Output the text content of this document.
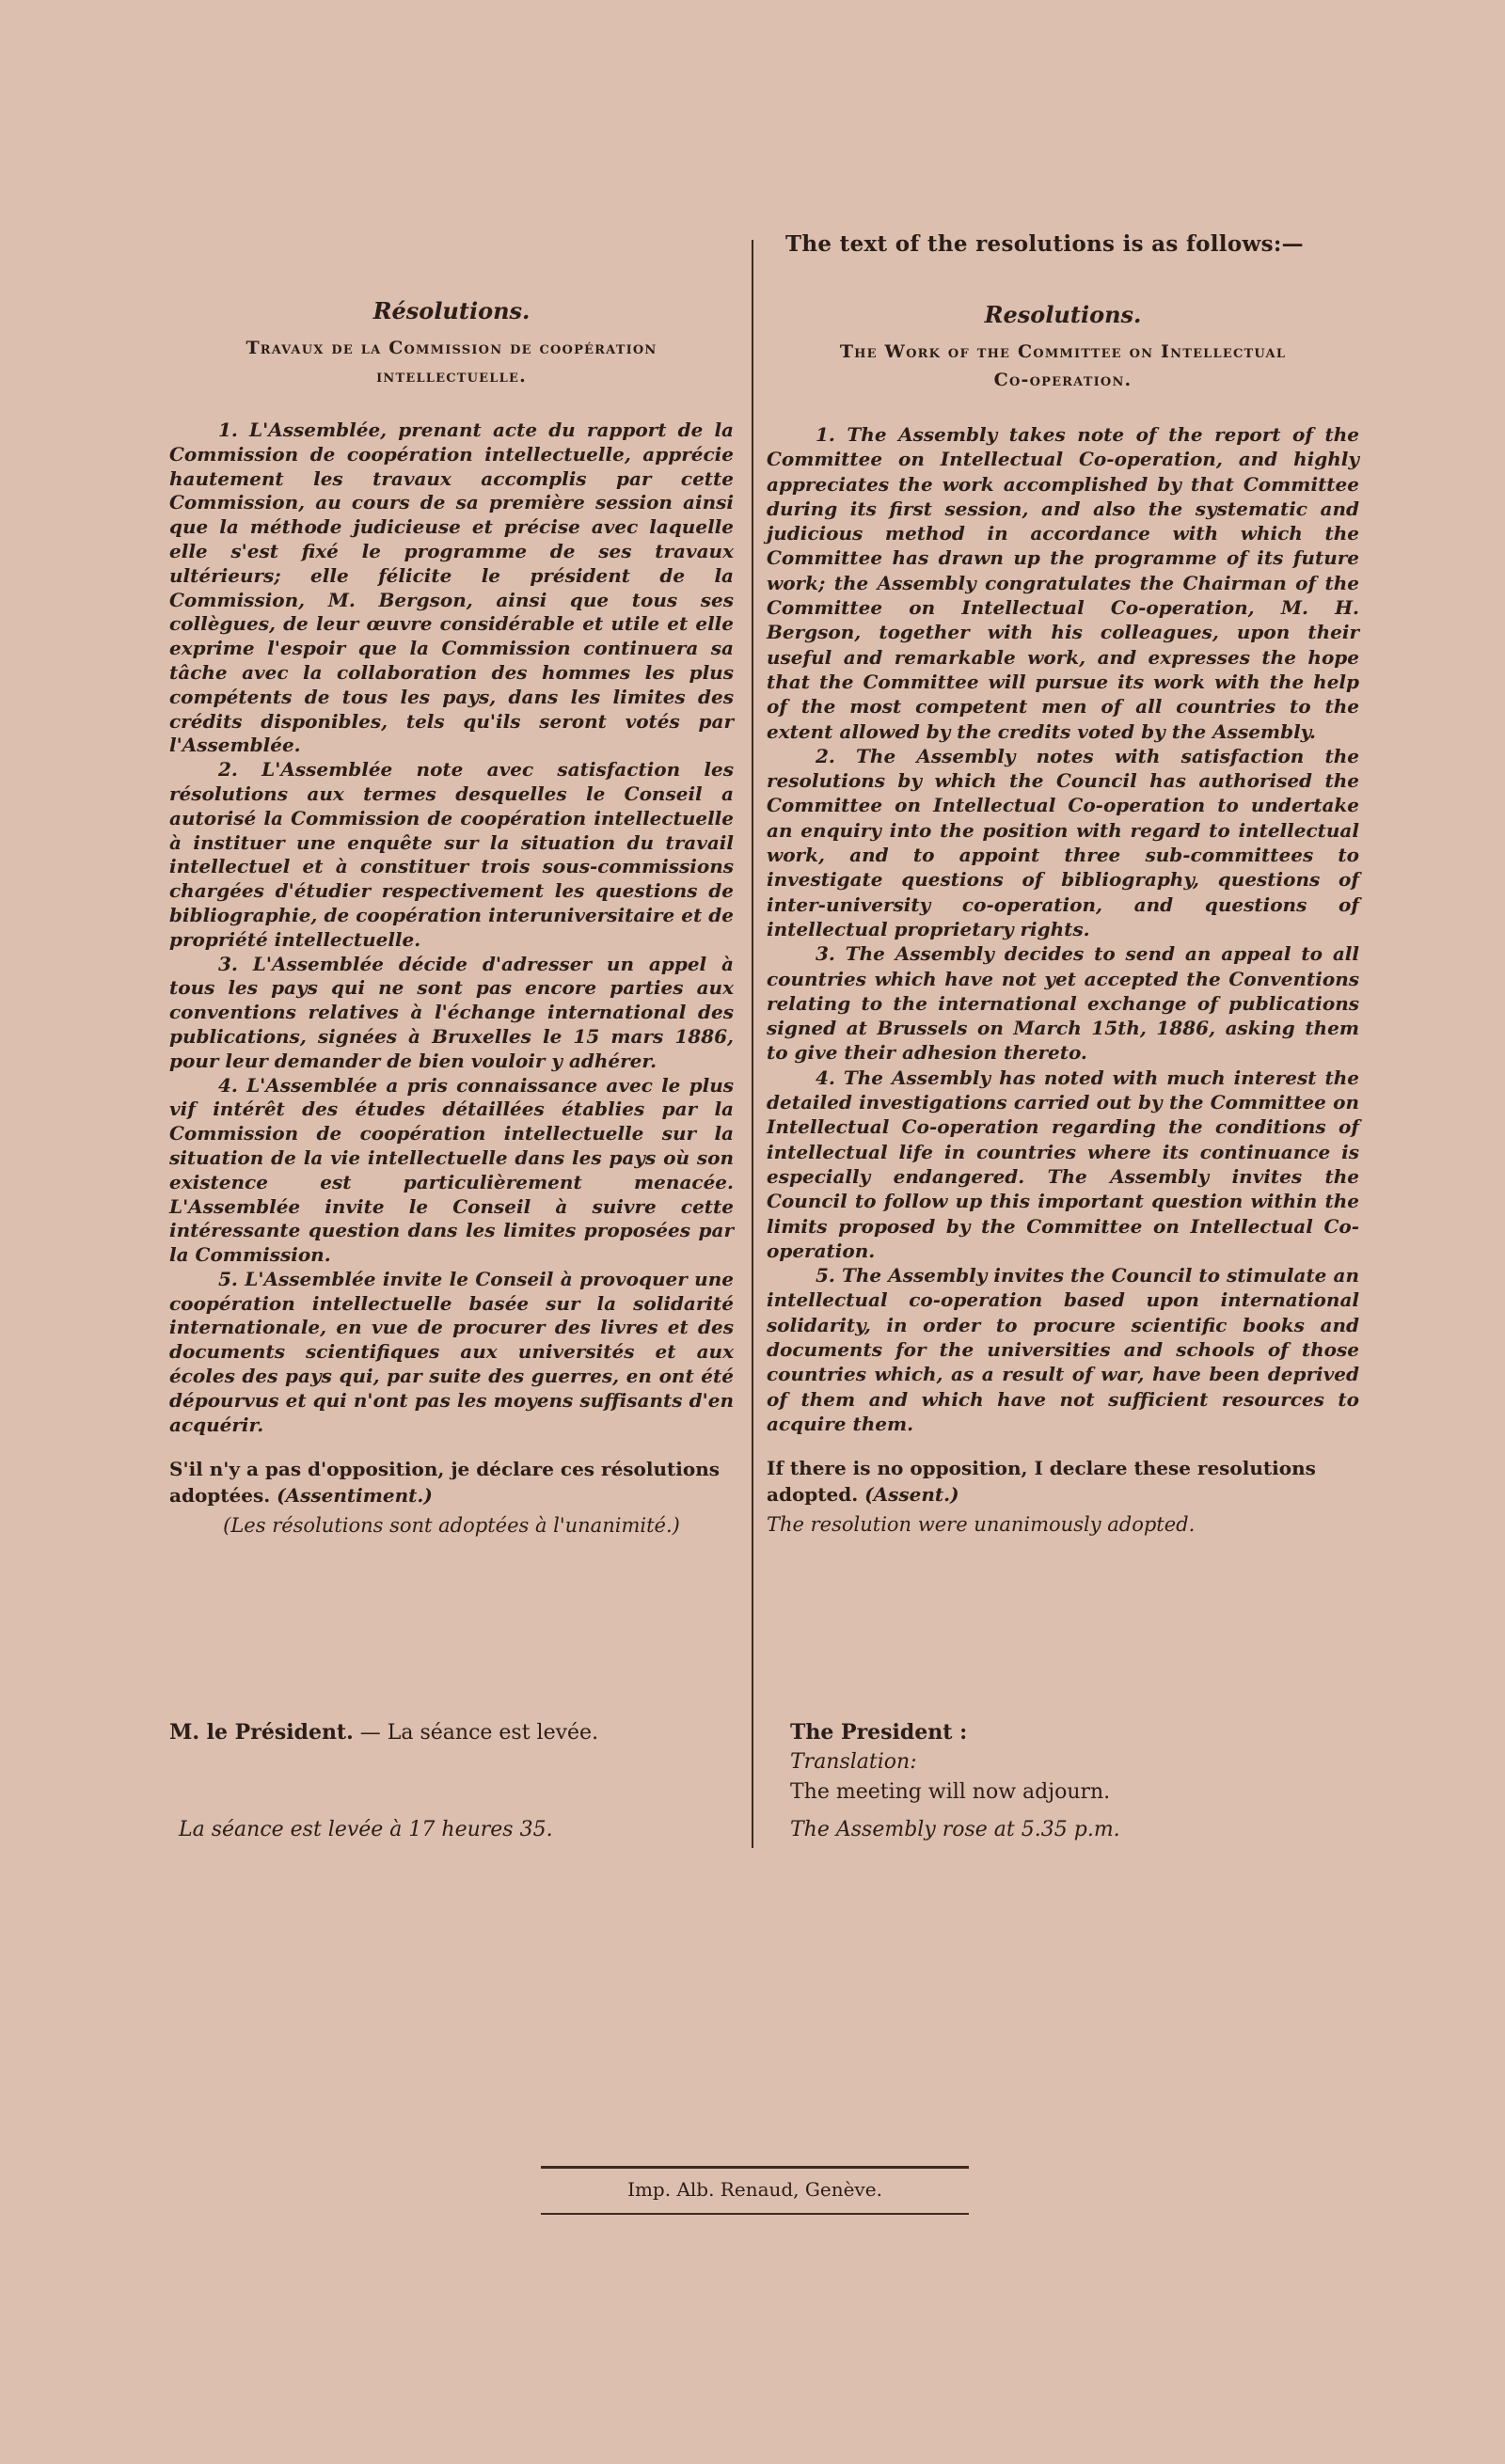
The text of the resolutions is as follows:—
Résolutions.
Travaux de la Commission de coopération
intellectuelle.

1. L'Assemblée, prenant acte du rapport de la Commission de coopération intellectuelle, apprécie hautement les travaux accomplis par cette Commission, au cours de sa première session ainsi que la méthode judicieuse et précise avec laquelle elle s'est fixé le programme de ses travaux ultérieurs; elle félicite le président de la Commission, M. Bergson, ainsi que tous ses collègues, de leur œuvre considérable et utile et elle exprime l'espoir que la Commission continuera sa tâche avec la collaboration des hommes les plus compétents de tous les pays, dans les limites des crédits disponibles, tels qu'ils seront votés par l'Assemblée.

2. L'Assemblée note avec satisfaction les résolutions aux termes desquelles le Conseil a autorisé la Commission de coopération intellectuelle à instituer une enquête sur la situation du travail intellectuel et à constituer trois sous-commissions chargées d'étudier respectivement les questions de bibliographie, de coopération interuniversitaire et de propriété intellectuelle.

3. L'Assemblée décide d'adresser un appel à tous les pays qui ne sont pas encore parties aux conventions relatives à l'échange international des publications, signées à Bruxelles le 15 mars 1886, pour leur demander de bien vouloir y adhérer.

4. L'Assemblée a pris connaissance avec le plus vif intérêt des études détaillées établies par la Commission de coopération intellectuelle sur la situation de la vie intellectuelle dans les pays où son existence est particulièrement menacée. L'Assemblée invite le Conseil à suivre cette intéressante question dans les limites proposées par la Commission.

5. L'Assemblée invite le Conseil à provoquer une coopération intellectuelle basée sur la solidarité internationale, en vue de procurer des livres et des documents scientifiques aux universités et aux écoles des pays qui, par suite des guerres, en ont été dépourvus et qui n'ont pas les moyens suffisants d'en acquérir.

S'il n'y a pas d'opposition, je déclare ces résolutions adoptées. (Assentiment.)
(Les résolutions sont adoptées à l'unanimité.)
Resolutions.
The Work of the Committee on Intellectual
Co-operation.

1. The Assembly takes note of the report of the Committee on Intellectual Co-operation, and highly appreciates the work accomplished by that Committee during its first session, and also the systematic and judicious method in accordance with which the Committee has drawn up the programme of its future work; the Assembly congratulates the Chairman of the Committee on Intellectual Co-operation, M. H. Bergson, together with his colleagues, upon their useful and remarkable work, and expresses the hope that the Committee will pursue its work with the help of the most competent men of all countries to the extent allowed by the credits voted by the Assembly.

2. The Assembly notes with satisfaction the resolutions by which the Council has authorised the Committee on Intellectual Co-operation to undertake an enquiry into the position with regard to intellectual work, and to appoint three sub-committees to investigate questions of bibliography, questions of inter-university co-operation, and questions of intellectual proprietary rights.

3. The Assembly decides to send an appeal to all countries which have not yet accepted the Conventions relating to the international exchange of publications signed at Brussels on March 15th, 1886, asking them to give their adhesion thereto.

4. The Assembly has noted with much interest the detailed investigations carried out by the Committee on Intellectual Co-operation regarding the conditions of intellectual life in countries where its continuance is especially endangered. The Assembly invites the Council to follow up this important question within the limits proposed by the Committee on Intellectual Co-operation.

5. The Assembly invites the Council to stimulate an intellectual co-operation based upon international solidarity, in order to procure scientific books and documents for the universities and schools of those countries which, as a result of war, have been deprived of them and which have not sufficient resources to acquire them.

If there is no opposition, I declare these resolutions adopted. (Assent.)
The resolution were unanimously adopted.
M. le Président. — La séance est levée.	The President :
Translation:
The meeting will now adjourn.
La séance est levée à 17 heures 35.	The Assembly rose at 5.35 p.m.
Imp. Alb. Renaud, Genève.
